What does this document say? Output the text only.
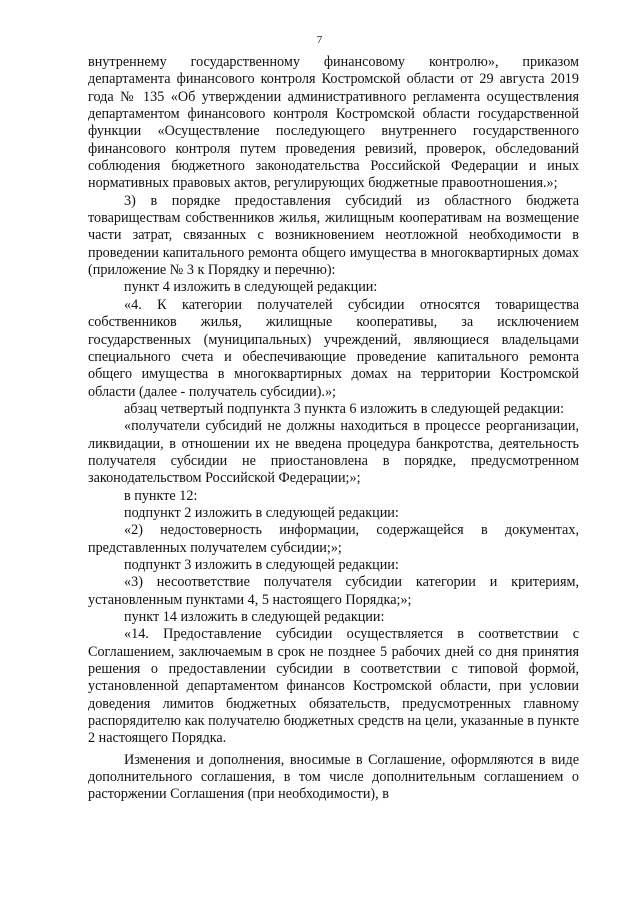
7

внутреннему государственному финансовому контролю», приказом департамента финансового контроля Костромской области от 29 августа 2019 года № 135 «Об утверждении административного регламента осуществления департаментом финансового контроля Костромской области государственной функции «Осуществление последующего внутреннего государственного финансового контроля путем проведения ревизий, проверок, обследований соблюдения бюджетного законодательства Российской Федерации и иных нормативных правовых актов, регулирующих бюджетные правоотношения.»;

3) в порядке предоставления субсидий из областного бюджета товариществам собственников жилья, жилищным кооперативам на возмещение части затрат, связанных с возникновением неотложной необходимости в проведении капитального ремонта общего имущества в многоквартирных домах (приложение № 3 к Порядку и перечню):

пункт 4 изложить в следующей редакции:

«4. К категории получателей субсидии относятся товарищества собственников жилья, жилищные кооперативы, за исключением государственных (муниципальных) учреждений, являющиеся владельцами специального счета и обеспечивающие проведение капитального ремонта общего имущества в многоквартирных домах на территории Костромской области (далее - получатель субсидии).»;

абзац четвертый подпункта 3 пункта 6 изложить в следующей редакции:

«получатели субсидий не должны находиться в процессе реорганизации, ликвидации, в отношении их не введена процедура банкротства, деятельность получателя субсидии не приостановлена в порядке, предусмотренном законодательством Российской Федерации;»;

в пункте 12:

подпункт 2 изложить в следующей редакции:

«2) недостоверность информации, содержащейся в документах, представленных получателем субсидии;»;

подпункт 3 изложить в следующей редакции:

«3) несоответствие получателя субсидии категории и критериям, установленным пунктами 4, 5 настоящего Порядка;»;

пункт 14 изложить в следующей редакции:

«14. Предоставление субсидии осуществляется в соответствии с Соглашением, заключаемым в срок не позднее 5 рабочих дней со дня принятия решения о предоставлении субсидии в соответствии с типовой формой, установленной департаментом финансов Костромской области, при условии доведения лимитов бюджетных обязательств, предусмотренных главному распорядителю как получателю бюджетных средств на цели, указанные в пункте 2 настоящего Порядка.

Изменения и дополнения, вносимые в Соглашение, оформляются в виде дополнительного соглашения, в том числе дополнительным соглашением о расторжении Соглашения (при необходимости), в
